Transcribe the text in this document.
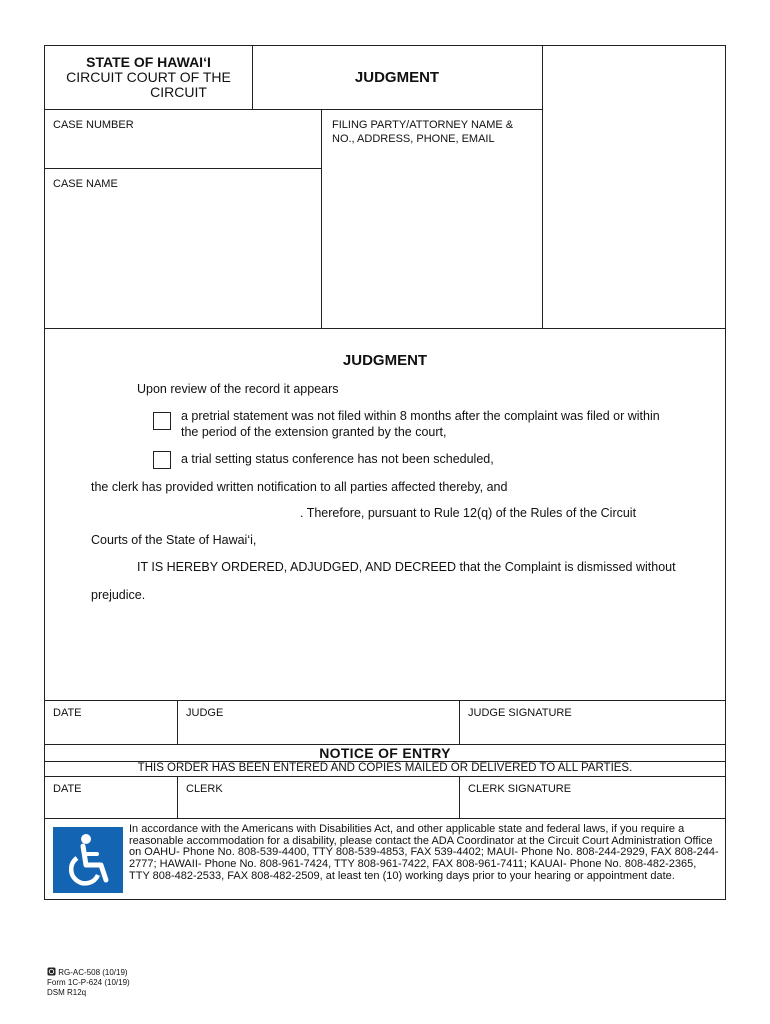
STATE OF HAWAI‘I
CIRCUIT COURT OF THE
CIRCUIT
JUDGMENT
CASE NUMBER	FILING PARTY/ATTORNEY NAME &
NO., ADDRESS, PHONE, EMAIL
CASE NAME
JUDGMENT
Upon review of the record it appears
a pretrial statement was not filed within 8 months after the complaint was filed or within
the period of the extension granted by the court,
a trial setting status conference has not been scheduled,
the clerk has provided written notification to all parties affected thereby, and
. Therefore, pursuant to Rule 12(q) of the Rules of the Circuit
Courts of the State of Hawai‘i,
IT IS HEREBY ORDERED, ADJUDGED, AND DECREED that the Complaint is dismissed without
prejudice.
DATE	JUDGE	JUDGE SIGNATURE
NOTICE OF ENTRY
THIS ORDER HAS BEEN ENTERED AND COPIES MAILED OR DELIVERED TO ALL PARTIES.
DATE	CLERK	CLERK SIGNATURE
In accordance with the Americans with Disabilities Act, and other applicable state and federal laws, if you require a reasonable accommodation for a disability, please contact the ADA Coordinator at the Circuit Court Administration Office on OAHU- Phone No. 808-539-4400, TTY 808-539-4853, FAX 539-4402; MAUI- Phone No. 808-244-2929, FAX 808-244-2777; HAWAII- Phone No. 808-961-7424, TTY 808-961-7422, FAX 808-961-7411; KAUAI- Phone No. 808-482-2365, TTY 808-482-2533, FAX 808-482-2509, at least ten (10) working days prior to your hearing or appointment date.
RG-AC-508 (10/19)
Form 1C-P-624 (10/19)
DSM R12q
